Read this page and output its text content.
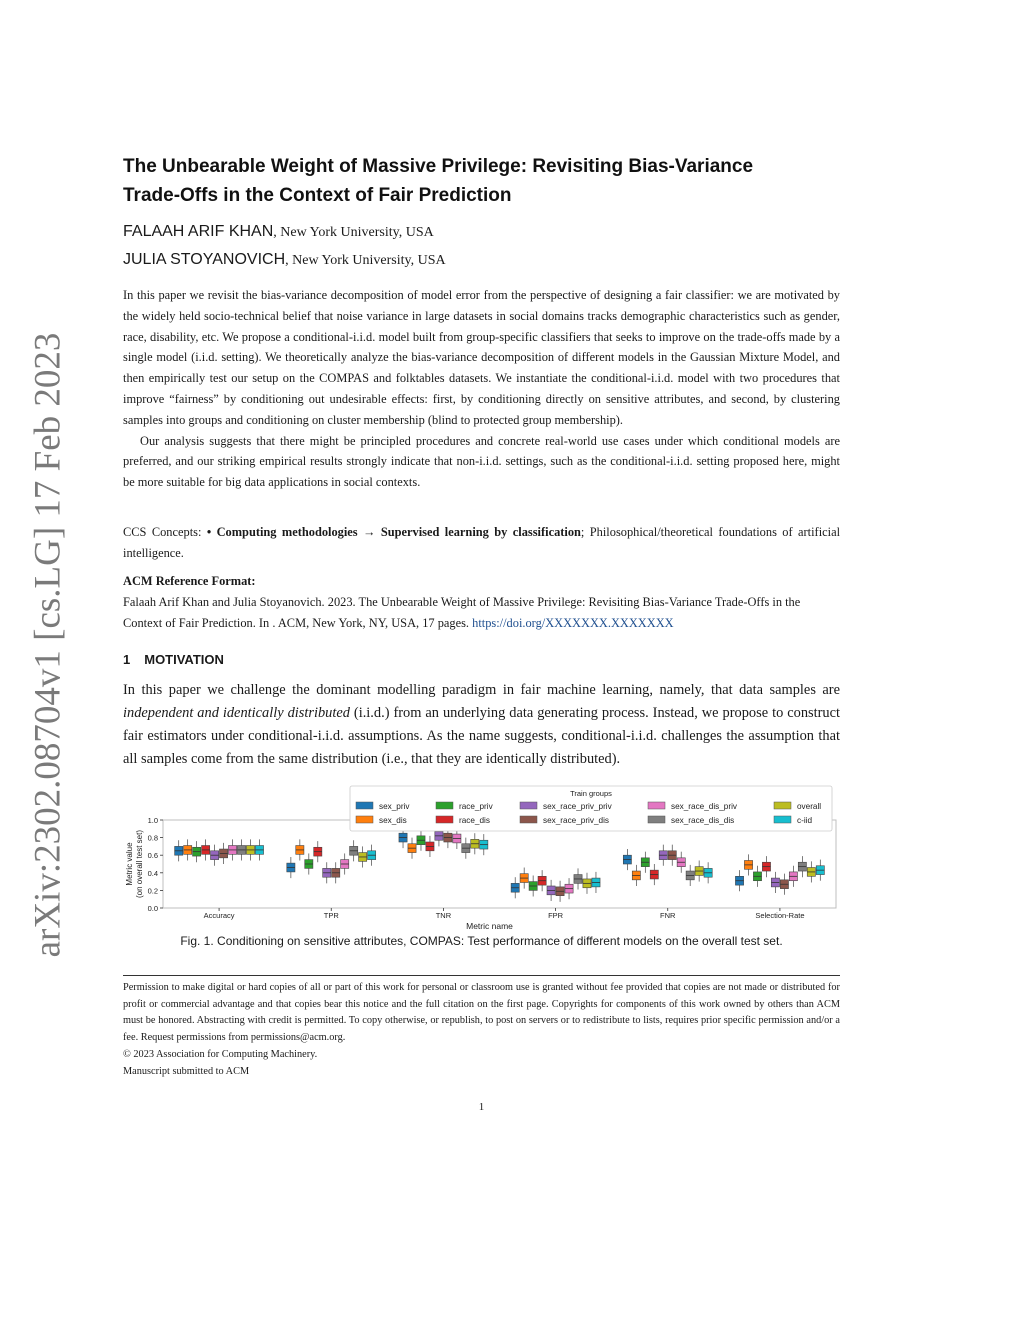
arXiv:2302.08704v1 [cs.LG] 17 Feb 2023
The Unbearable Weight of Massive Privilege: Revisiting Bias-Variance
Trade-Offs in the Context of Fair Prediction
FALAAH ARIF KHAN, New York University, USA
JULIA STOYANOVICH, New York University, USA

In this paper we revisit the bias-variance decomposition of model error from the perspective of designing a fair classifier: we are motivated by the widely held socio-technical belief that noise variance in large datasets in social domains tracks demographic characteristics such as gender, race, disability, etc. We propose a conditional-i.i.d. model built from group-specific classifiers that seeks to improve on the trade-offs made by a single model (i.i.d. setting). We theoretically analyze the bias-variance decomposition of different models in the Gaussian Mixture Model, and then empirically test our setup on the COMPAS and folktables datasets. We instantiate the conditional-i.i.d. model with two procedures that improve “fairness” by conditioning out undesirable effects: first, by conditioning directly on sensitive attributes, and second, by clustering samples into groups and conditioning on cluster membership (blind to protected group membership).

Our analysis suggests that there might be principled procedures and concrete real-world use cases under which conditional models are preferred, and our striking empirical results strongly indicate that non-i.i.d. settings, such as the conditional-i.i.d. setting proposed here, might be more suitable for big data applications in social contexts.

CCS Concepts: • Computing methodologies → Supervised learning by classification; Philosophical/theoretical foundations of artificial intelligence.
ACM Reference Format:
Falaah Arif Khan and Julia Stoyanovich. 2023. The Unbearable Weight of Massive Privilege: Revisiting Bias-Variance Trade-Offs in the Context of Fair Prediction. In . ACM, New York, NY, USA, 17 pages. https://doi.org/XXXXXXX.XXXXXXX
1 MOTIVATION
In this paper we challenge the dominant modelling paradigm in fair machine learning, namely, that data samples are independent and identically distributed (i.i.d.) from an underlying data generating process. Instead, we propose to construct fair estimators under conditional-i.i.d. assumptions. As the name suggests, conditional-i.i.d. challenges the assumption that all samples come from the same distribution (i.e., that they are identically distributed).
0.0
0.2
0.4
0.6
0.8
1.0
Metric value (on overall test set)
Accuracy	TPR	TNR	FPR	FNR	Selection-Rate
Metric name
Train groups
sex_priv
sex_dis
race_priv
race_dis
sex_race_priv_priv
sex_race_priv_dis
sex_race_dis_priv
sex_race_dis_dis
overall
c-iid
Fig. 1. Conditioning on sensitive attributes, COMPAS: Test performance of different models on the overall test set.

Permission to make digital or hard copies of all or part of this work for personal or classroom use is granted without fee provided that copies are not made or distributed for profit or commercial advantage and that copies bear this notice and the full citation on the first page. Copyrights for components of this work owned by others than ACM must be honored. Abstracting with credit is permitted. To copy otherwise, or republish, to post on servers or to redistribute to lists, requires prior specific permission and/or a fee. Request permissions from permissions@acm.org.

© 2023 Association for Computing Machinery.

Manuscript submitted to ACM

1
